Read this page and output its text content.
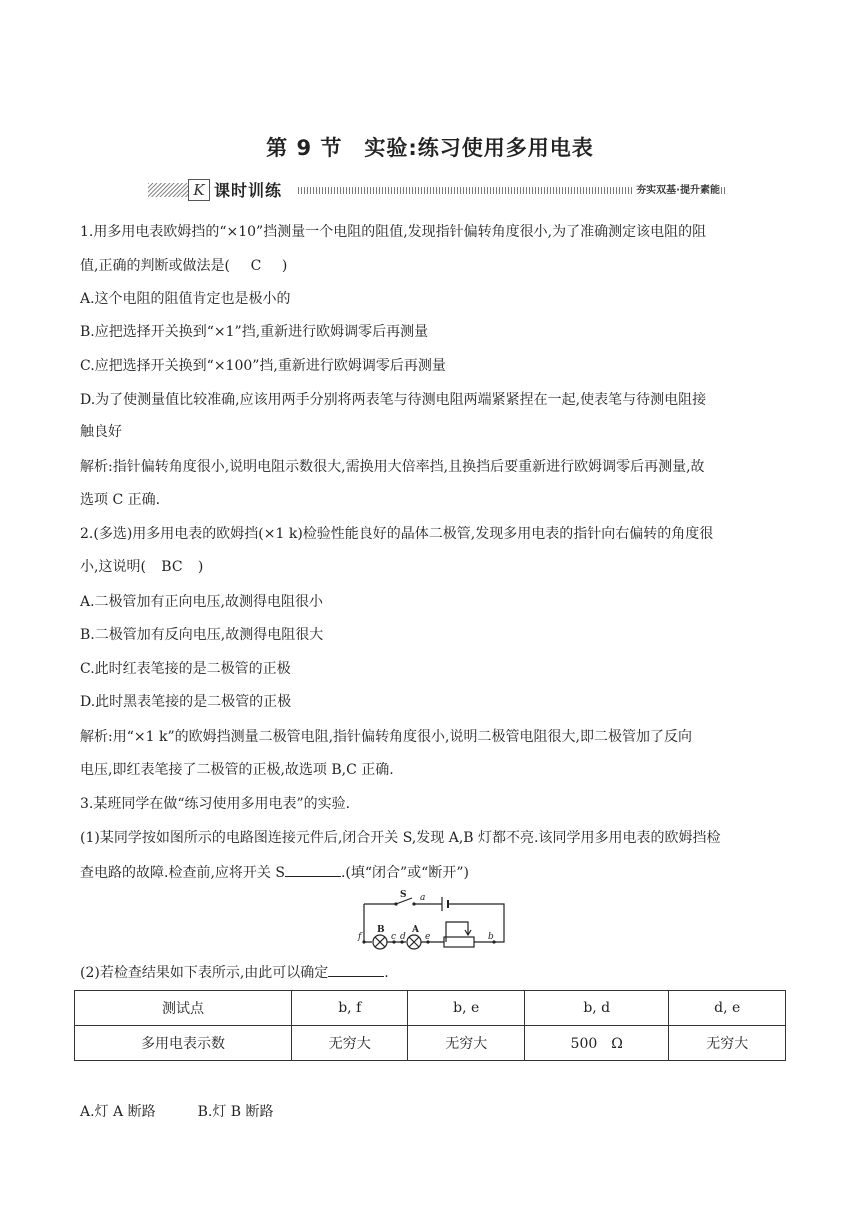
第 9 节　实验:练习使用多用电表
K 课时训练	夯实双基·提升素能
1.用多用电表欧姆挡的“×10”挡测量一个电阻的阻值,发现指针偏转角度很小,为了准确测定该电阻的阻
值,正确的判断或做法是( C )
A.这个电阻的阻值肯定也是极小的
B.应把选择开关换到“×1”挡,重新进行欧姆调零后再测量
C.应把选择开关换到“×100”挡,重新进行欧姆调零后再测量
D.为了使测量值比较准确,应该用两手分别将两表笔与待测电阻两端紧紧捏在一起,使表笔与待测电阻接
触良好
解析:指针偏转角度很小,说明电阻示数很大,需换用大倍率挡,且换挡后要重新进行欧姆调零后再测量,故
选项 C 正确.
2.(多选)用多用电表的欧姆挡(×1 k)检验性能良好的晶体二极管,发现多用电表的指针向右偏转的角度很
小,这说明( BC )
A.二极管加有正向电压,故测得电阻很小
B.二极管加有反向电压,故测得电阻很大
C.此时红表笔接的是二极管的正极
D.此时黑表笔接的是二极管的正极
解析:用“×1 k”的欧姆挡测量二极管电阻,指针偏转角度很小,说明二极管电阻很大,即二极管加了反向
电压,即红表笔接了二极管的正极,故选项 B,C 正确.
3.某班同学在做“练习使用多用电表”的实验.
(1)某同学按如图所示的电路图连接元件后,闭合开关 S,发现 A,B 灯都不亮.该同学用多用电表的欧姆挡检
查电路的故障.检查前,应将开关 S	.(填“闭合”或“断开”)
S a
b
c d e
f
A
B
(2)若检查结果如下表所示,由此可以确定	.
测试点	b, f	b, e	b, d	d, e
多用电表示数	无穷大	无穷大	500　Ω	无穷大
A.灯 A 断路	B.灯 B 断路
